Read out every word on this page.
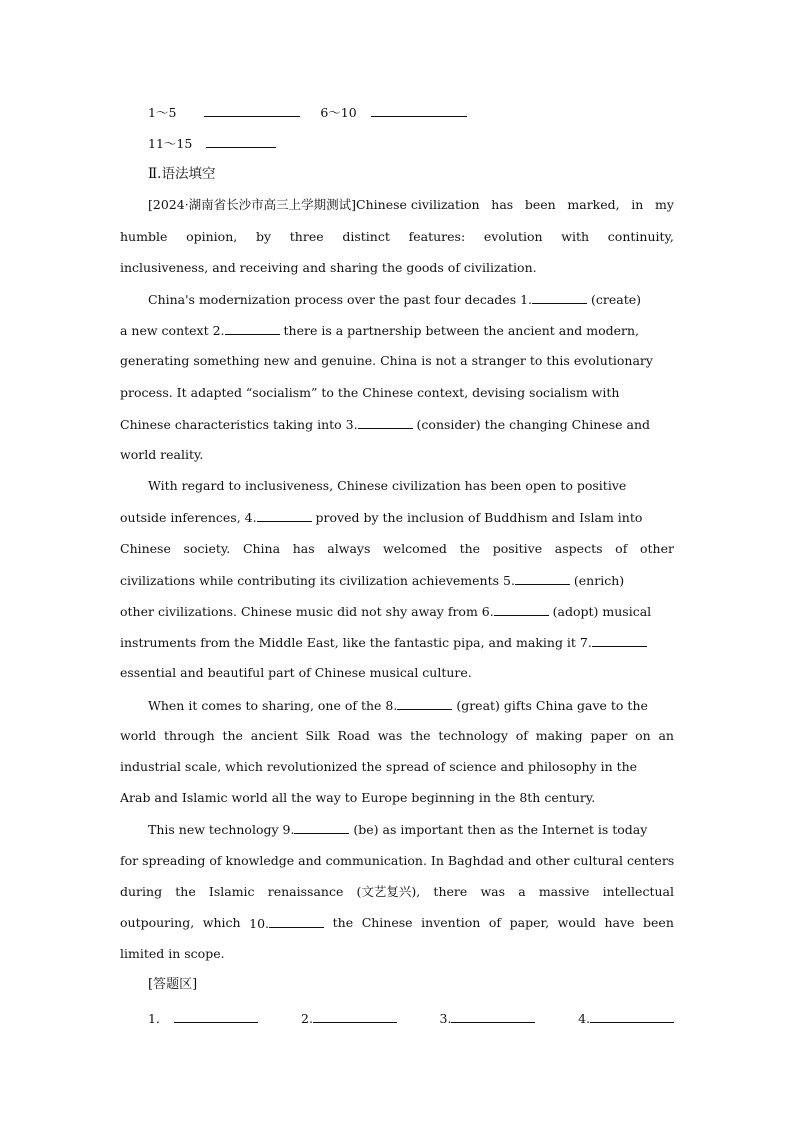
1～5	6～10
11～15
Ⅱ.语法填空
[2024·湖南省长沙市高三上学期测试]Chinese civilization has been marked, in my
humble opinion, by three distinct features: evolution with continuity,
inclusiveness, and receiving and sharing the goods of civilization.
China's modernization process over the past four decades 1.	(create)
a new context 2.	there is a partnership between the ancient and modern,
generating something new and genuine. China is not a stranger to this evolutionary
process. It adapted “socialism” to the Chinese context, devising socialism with
Chinese characteristics taking into 3.	(consider) the changing Chinese and
world reality.
With regard to inclusiveness, Chinese civilization has been open to positive
outside inferences, 4.	proved by the inclusion of Buddhism and Islam into
Chinese society. China has always welcomed the positive aspects of other
civilizations while contributing its civilization achievements 5.	(enrich)
other civilizations. Chinese music did not shy away from 6.	(adopt) musical
instruments from the Middle East, like the fantastic pipa, and making it 7.
essential and beautiful part of Chinese musical culture.
When it comes to sharing, one of the 8.	(great) gifts China gave to the
world through the ancient Silk Road was the technology of making paper on an
industrial scale, which revolutionized the spread of science and philosophy in the
Arab and Islamic world all the way to Europe beginning in the 8th century.
This new technology 9.	(be) as important then as the Internet is today
for spreading of knowledge and communication. In Baghdad and other cultural centers
during the Islamic renaissance (文艺复兴), there was a massive intellectual
outpouring, which 10.	the Chinese invention of paper, would have been
limited in scope.
[答题区]
1．	2.	3.	4.
